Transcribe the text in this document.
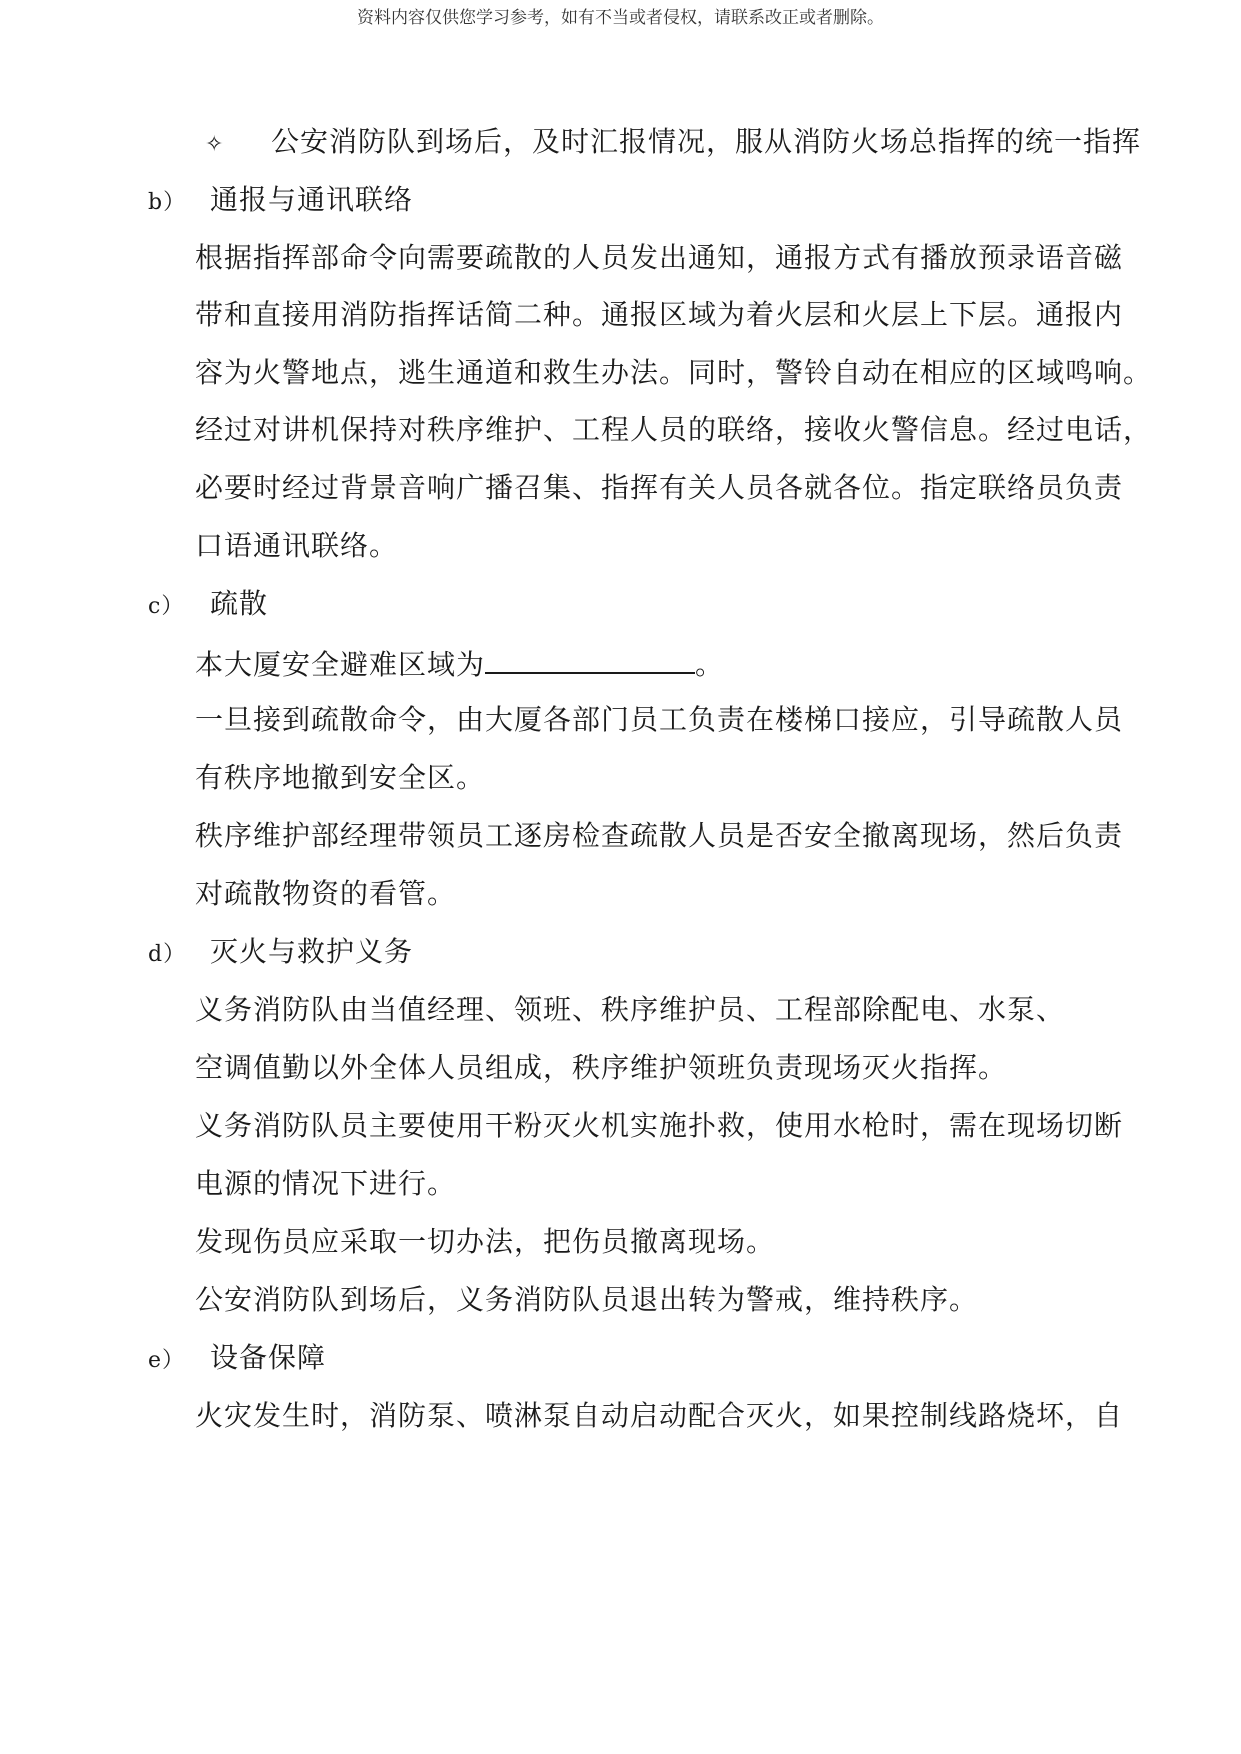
资料内容仅供您学习参考，如有不当或者侵权，请联系改正或者删除。
✧ 公安消防队到场后，及时汇报情况，服从消防火场总指挥的统一指挥
b） 通报与通讯联络
根据指挥部命令向需要疏散的人员发出通知，通报方式有播放预录语音磁
带和直接用消防指挥话简二种。通报区域为着火层和火层上下层。通报内
容为火警地点，逃生通道和救生办法。同时，警铃自动在相应的区域鸣响。
经过对讲机保持对秩序维护、工程人员的联络，接收火警信息。经过电话，
必要时经过背景音响广播召集、指挥有关人员各就各位。指定联络员负责
口语通讯联络。
c） 疏散
本大厦安全避难区域为	。
一旦接到疏散命令，由大厦各部门员工负责在楼梯口接应，引导疏散人员
有秩序地撤到安全区。
秩序维护部经理带领员工逐房检查疏散人员是否安全撤离现场，然后负责
对疏散物资的看管。
d） 灭火与救护义务
义务消防队由当值经理、领班、秩序维护员、工程部除配电、水泵、
空调值勤以外全体人员组成，秩序维护领班负责现场灭火指挥。
义务消防队员主要使用干粉灭火机实施扑救，使用水枪时，需在现场切断
电源的情况下进行。
发现伤员应采取一切办法，把伤员撤离现场。
公安消防队到场后，义务消防队员退出转为警戒，维持秩序。
e） 设备保障
火灾发生时，消防泵、喷淋泵自动启动配合灭火，如果控制线路烧坏，自
